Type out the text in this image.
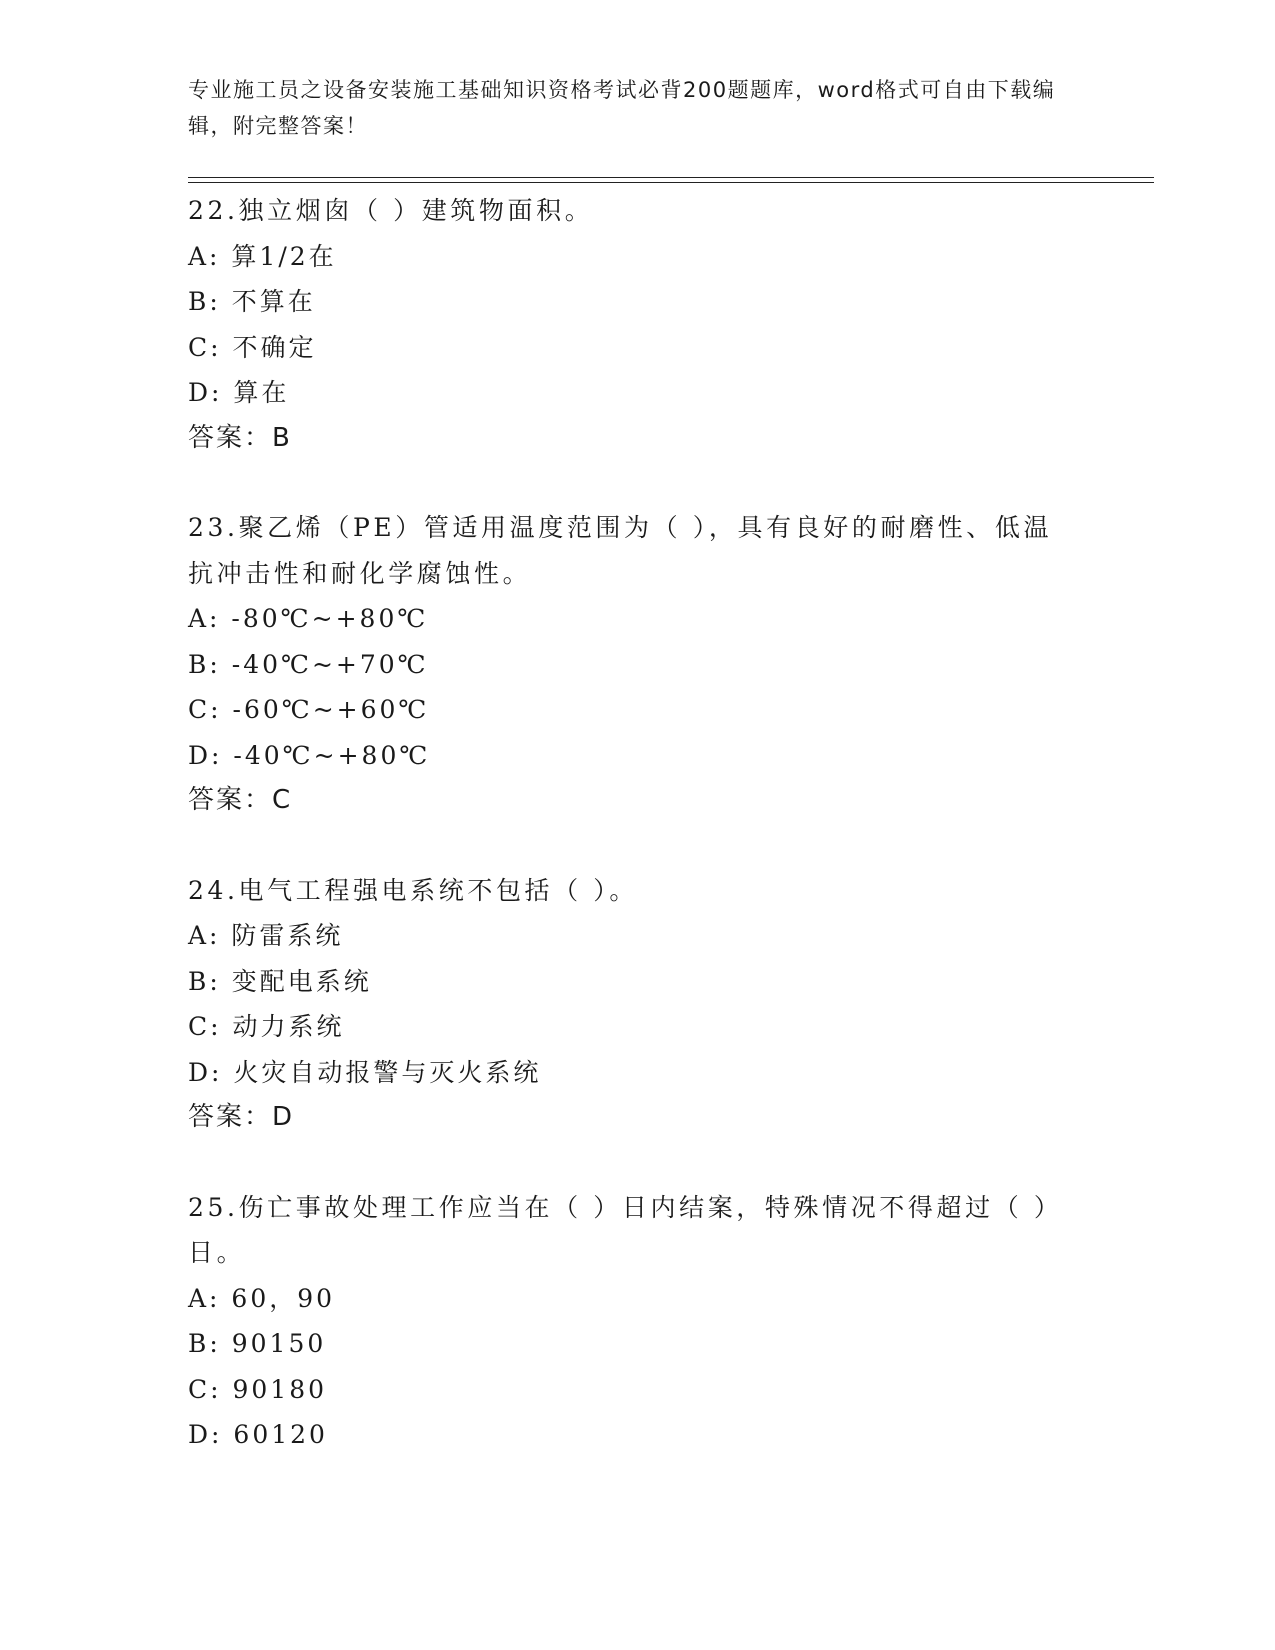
专业施工员之设备安装施工基础知识资格考试必背200题题库，word格式可自由下载编辑，附完整答案！
22.独立烟囱（ ）建筑物面积。
A: 算1/2在
B: 不算在
C: 不确定
D: 算在
答案：B
23.聚乙烯（PE）管适用温度范围为（ ），具有良好的耐磨性、低温抗冲击性和耐化学腐蚀性。
A: -80℃~+80℃
B: -40℃~+70℃
C: -60℃~+60℃
D: -40℃~+80℃
答案：C
24.电气工程强电系统不包括（ ）。
A: 防雷系统
B: 变配电系统
C: 动力系统
D: 火灾自动报警与灭火系统
答案：D
25.伤亡事故处理工作应当在（ ）日内结案，特殊情况不得超过（ ）日。
A: 60，90
B: 90150
C: 90180
D: 60120
